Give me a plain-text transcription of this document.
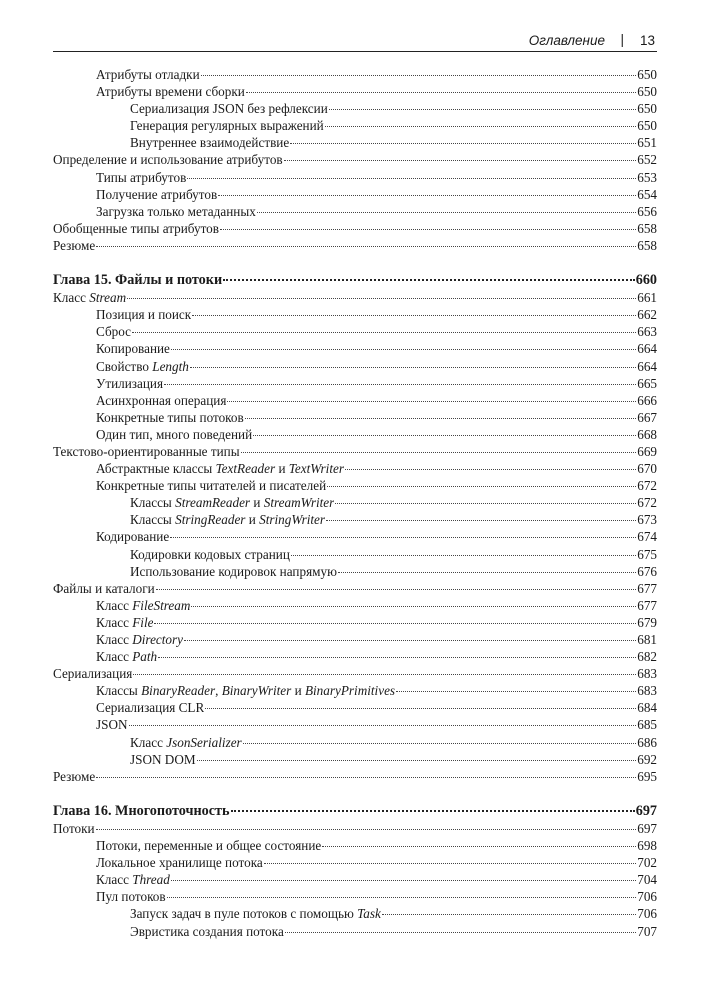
Оглавление | 13
Атрибуты отладки	650
Атрибуты времени сборки	650
Сериализация JSON без рефлексии	650
Генерация регулярных выражений	650
Внутреннее взаимодействие	651
Определение и использование атрибутов	652
Типы атрибутов	653
Получение атрибутов	654
Загрузка только метаданных	656
Обобщенные типы атрибутов	658
Резюме	658
Глава 15. Файлы и потоки	660
Класс Stream	661
Позиция и поиск	662
Сброс	663
Копирование	664
Свойство Length	664
Утилизация	665
Асинхронная операция	666
Конкретные типы потоков	667
Один тип, много поведений	668
Текстово-ориентированные типы	669
Абстрактные классы TextReader и TextWriter	670
Конкретные типы читателей и писателей	672
Классы StreamReader и StreamWriter	672
Классы StringReader и StringWriter	673
Кодирование	674
Кодировки кодовых страниц	675
Использование кодировок напрямую	676
Файлы и каталоги	677
Класс FileStream	677
Класс File	679
Класс Directory	681
Класс Path	682
Сериализация	683
Классы BinaryReader, BinaryWriter и BinaryPrimitives	683
Сериализация CLR	684
JSON	685
Класс JsonSerializer	686
JSON DOM	692
Резюме	695
Глава 16. Многопоточность	697
Потоки	697
Потоки, переменные и общее состояние	698
Локальное хранилище потока	702
Класс Thread	704
Пул потоков	706
Запуск задач в пуле потоков с помощью Task	706
Эвристика создания потока	707
